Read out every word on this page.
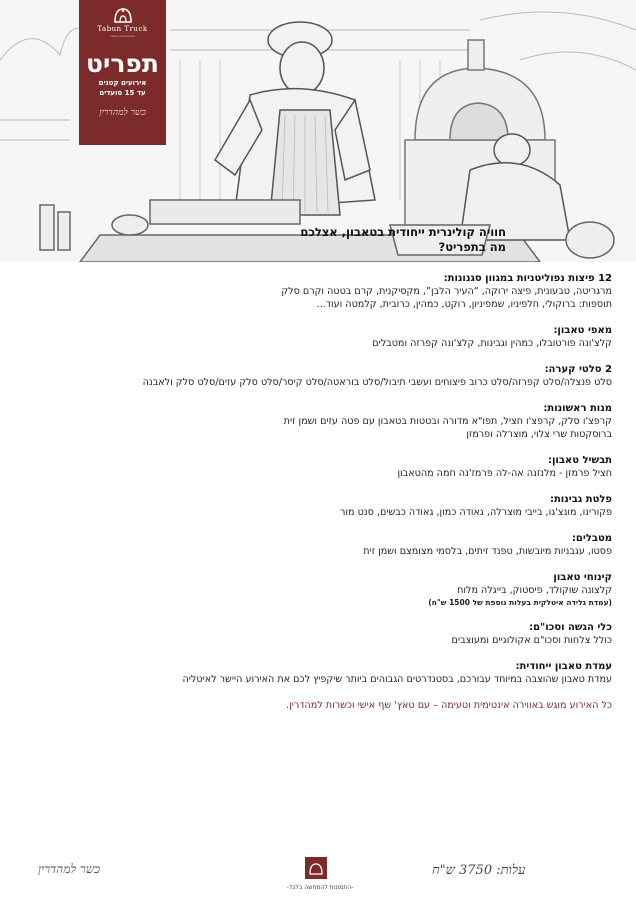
Tabun Truck
ארוחת טאבון בשטח
תפריט
אירועים קטנים
עד 15 סועדים
כשר למהדרין
חוויה קולינרית ייחודית בטאבון, אצלכם
מה בתפריט?
12 פיצות נפוליטניות במגוון סגנונות:
מרגריטה, טבעונית, פיצה ירוקה, “העיר הלבן”, מקסיקנית, קרם בטטה וקרם סלק
תוספות: ברוקולי, חלפיניו, שמפיניון, רוקט, כמהין, כרובית, קלמטה ועוד...
מאפי טאבון:
קלצ'ונה פורטובלו, כמהין וגבינות, קלצ'ונה קפרזה ומטבלים
2 סלטי קערה:
סלט פנצלה/סלט קפרזה/סלט כרוב פיצוחים ועשבי תיבול/סלט בוראטה/סלט קיסר/סלט סלק עזים/סלט סלק ולאבנה
מנות ראשונות:
קרפצ'ו סלק, קרפצ'ו חציל, תפו"א מדורה ובטטות בטאבון עם פטה עזים ושמן זית
ברוסקטות שרי צלוי, מוצרלה ופרמזן
תבשיל טאבון:
חציל פרמזן - מלנזנה אה-לה פרמז'נה חמה מהטאבון
פלטת גבינות:
פקורינו, מונצ'גו, בייבי מוצרלה, גאודה כמון, גאודה כבשים, סנט מור
מטבלים:
פסטו, עגבניות מיובשות, טפנד זיתים, בלסמי מצומצם ושמן זית
קינוחי טאבון
קלצונה שוקולד, פיסטוק, בייגלה מלוח
(עמדת גלידה איטלקית בעלות נוספת של 1500 ש"ח)
כלי הגשה וסכו"ם:
כולל צלחות וסכו"ם אקולוגיים ומעוצבים
עמדת טאבון ייחודית:
עמדת טאבון שהוצבה במיוחד עבורכם, בסטנדרטים הגבוהים ביותר שיקפיץ לכם את האירוע היישר לאיטליה
כל האירוע מוגש באווירה אינטימית וטעימה – עם טאץ' שף אישי וכשרות למהדרין.
כשר למהדרין
-התמונות להמחשה בלבד-
עלות: 3750 ש"ח
